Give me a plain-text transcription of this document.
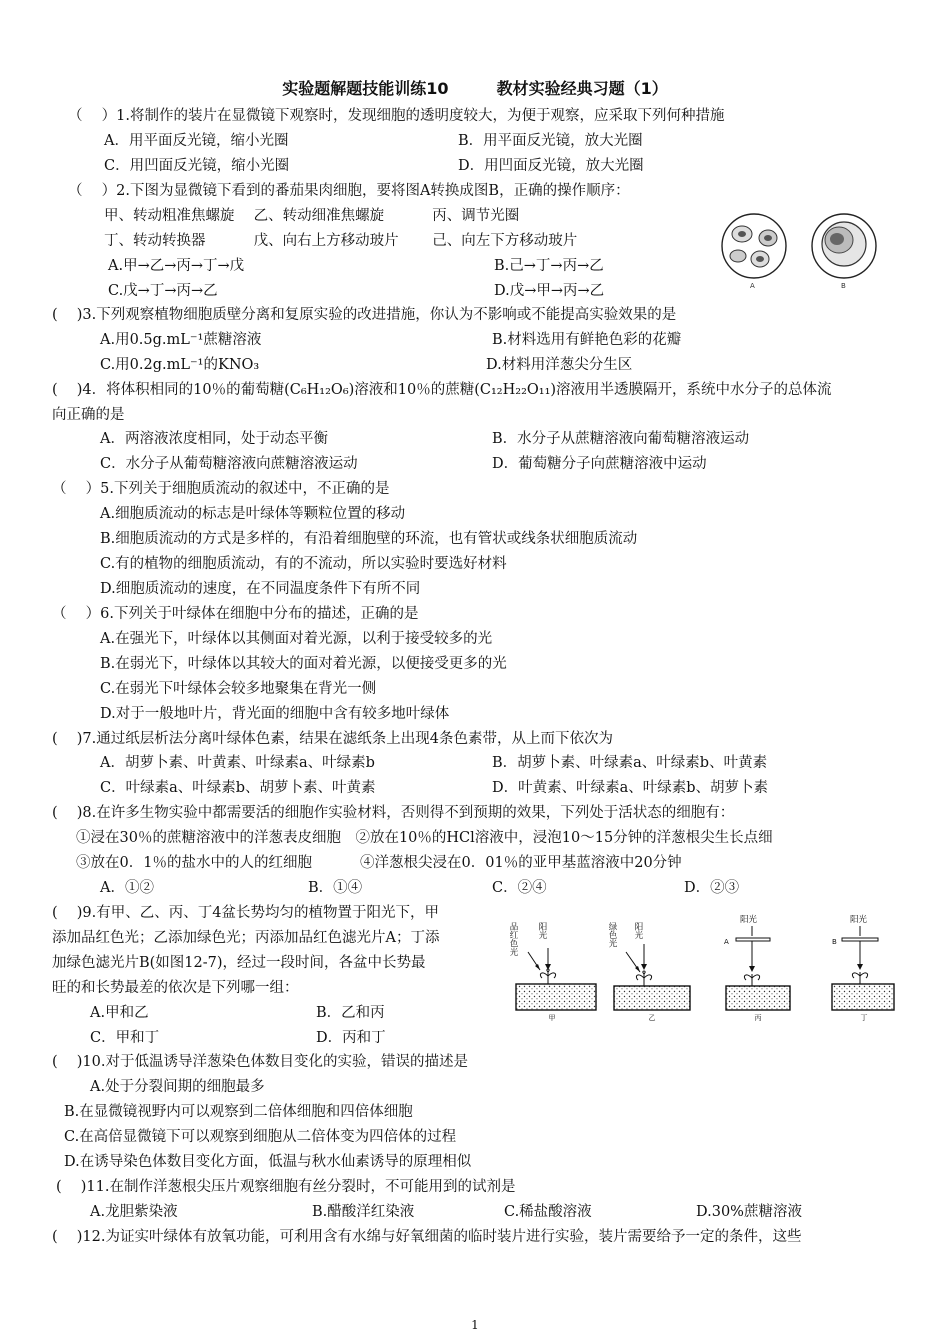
实验题解题技能训练10	教材实验经典习题（1）
（　 ）1.将制作的装片在显微镜下观察时，发现细胞的透明度较大，为便于观察，应采取下列何种措施
A．用平面反光镜，缩小光圈	B．用平面反光镜，放大光圈
C．用凹面反光镜，缩小光圈	D．用凹面反光镜，放大光圈
（　 ）2.下图为显微镜下看到的番茄果肉细胞，要将图A转换成图B，正确的操作顺序：
甲、转动粗准焦螺旋　 乙、转动细准焦螺旋　　　 丙、调节光圈
丁、转动转换器　　　 戊、向右上方移动玻片　　 己、向左下方移动玻片
A.甲→乙→丙→丁→戊	B.己→丁→丙→乙
C.戊→丁→丙→乙	D.戊→甲→丙→乙	A	B
(　 )3.下列观察植物细胞质壁分离和复原实验的改进措施，你认为不影响或不能提高实验效果的是
A.用0.5g.mL⁻¹蔗糖溶液	B.材料选用有鲜艳色彩的花瓣
C.用0.2g.mL⁻¹的KNO₃	D.材料用洋葱尖分生区
(　 )4．将体积相同的10％的葡萄糖(C₆H₁₂O₆)溶液和10％的蔗糖(C₁₂H₂₂O₁₁)溶液用半透膜隔开，系统中水分子的总体流
向正确的是
A．两溶液浓度相同，处于动态平衡	B．水分子从蔗糖溶液向葡萄糖溶液运动
C．水分子从葡萄糖溶液向蔗糖溶液运动	D．葡萄糖分子向蔗糖溶液中运动
（　 ）5.下列关于细胞质流动的叙述中，不正确的是
A.细胞质流动的标志是叶绿体等颗粒位置的移动
B.细胞质流动的方式是多样的，有沿着细胞壁的环流，也有管状或线条状细胞质流动
C.有的植物的细胞质流动，有的不流动，所以实验时要选好材料
D.细胞质流动的速度，在不同温度条件下有所不同
（　 ）6.下列关于叶绿体在细胞中分布的描述，正确的是
A.在强光下，叶绿体以其侧面对着光源，以利于接受较多的光
B.在弱光下，叶绿体以其较大的面对着光源，以便接受更多的光
C.在弱光下叶绿体会较多地聚集在背光一侧
D.对于一般地叶片，背光面的细胞中含有较多地叶绿体
(　 )7.通过纸层析法分离叶绿体色素，结果在滤纸条上出现4条色素带，从上而下依次为
A．胡萝卜素、叶黄素、叶绿素a、叶绿素b	B．胡萝卜素、叶绿素a、叶绿素b、叶黄素
C．叶绿素a、叶绿素b、胡萝卜素、叶黄素	D．叶黄素、叶绿素a、叶绿素b、胡萝卜素
(　 )8.在许多生物实验中都需要活的细胞作实验材料，否则得不到预期的效果，下列处于活状态的细胞有：
①浸在30％的蔗糖溶液中的洋葱表皮细胞　②放在10％的HCl溶液中，浸泡10～15分钟的洋葱根尖生长点细
③放在0．1％的盐水中的人的红细胞　　　 ④洋葱根尖浸在0．01％的亚甲基蓝溶液中20分钟
A．①②	B．①④	C．②④	D．②③
(　 )9.有甲、乙、丙、丁4盆长势均匀的植物置于阳光下，甲
添加品红色光；乙添加绿色光；丙添加品红色滤光片A；丁添
加绿色滤光片B(如图12-7)，经过一段时间，各盆中长势最
旺的和长势最差的依次是下列哪一组：
A.甲和乙	B．乙和丙
C．甲和丁	D．丙和丁
品红色光 阳光
甲
绿色光 阳光
乙
阳光
A
丙
阳光
B
丁
(　 )10.对于低温诱导洋葱染色体数目变化的实验，错误的描述是
A.处于分裂间期的细胞最多
B.在显微镜视野内可以观察到二倍体细胞和四倍体细胞
C.在高倍显微镜下可以观察到细胞从二倍体变为四倍体的过程
D.在诱导染色体数目变化方面，低温与秋水仙素诱导的原理相似
(　 )11.在制作洋葱根尖压片观察细胞有丝分裂时，不可能用到的试剂是
A.龙胆紫染液	B.醋酸洋红染液	C.稀盐酸溶液	D.30%蔗糖溶液
(　 )12.为证实叶绿体有放氧功能，可利用含有水绵与好氧细菌的临时装片进行实验，装片需要给予一定的条件，这些
1
